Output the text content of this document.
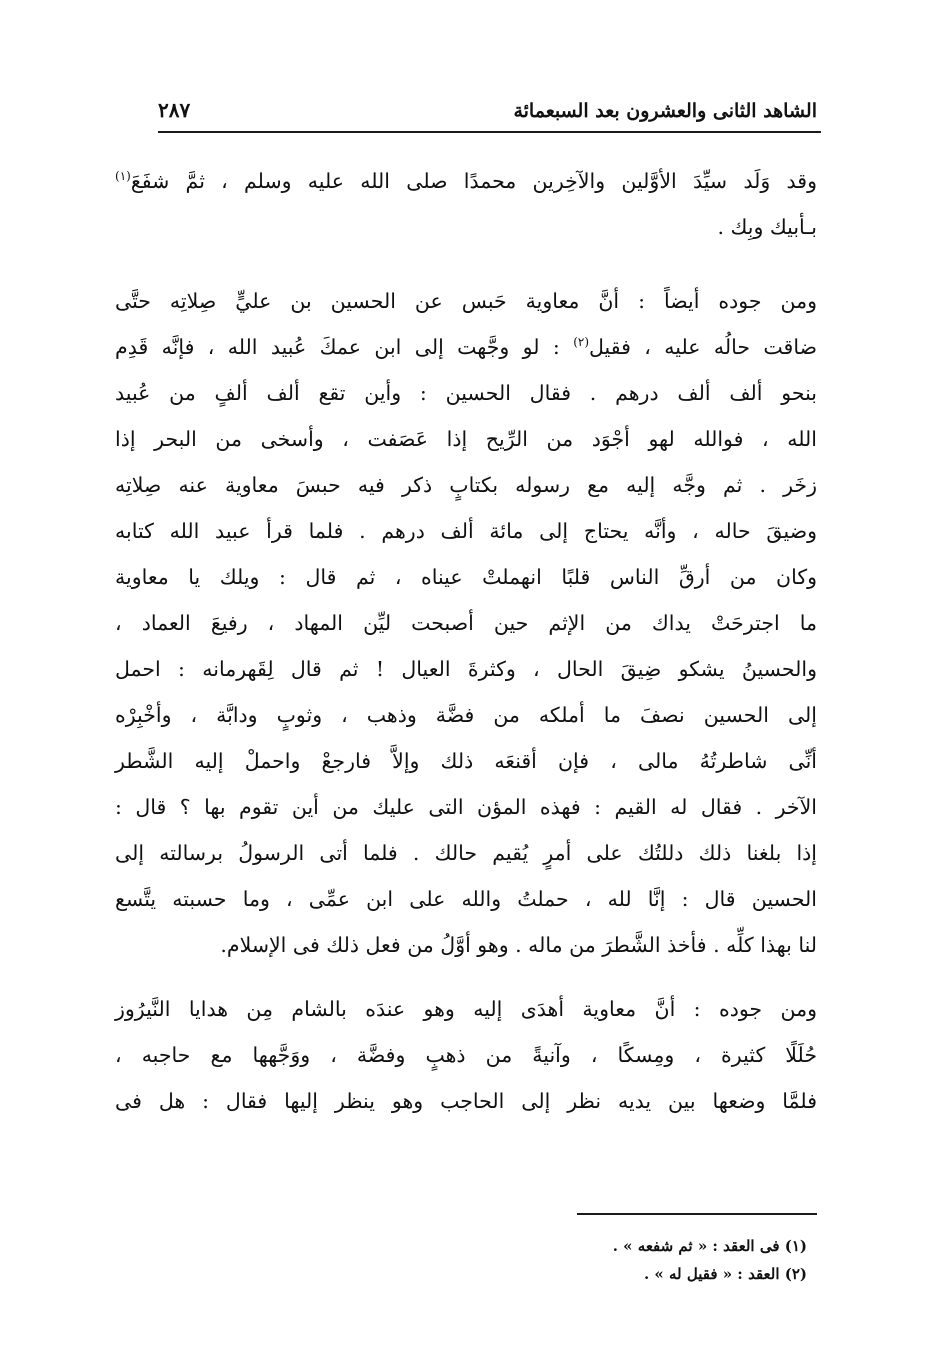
الشاهد الثانى والعشرون بعد السبعمائة
٢٨٧
وقد وَلَد سيِّدَ الأوَّلين والآخِرين محمدًا صلى الله عليه وسلم ، ثمَّ شفَعَ$^{(١)}$
بـأبيك وبِك .
ومن جوده أيضاً : أنَّ معاوية حَبس عن الحسين بن عليٍّ صِلاتِه حتَّى
ضاقت حالُه عليه ، فقيل$^{(٢)}$ : لو وجَّهت إلى ابن عمكَ عُبيد الله ، فإنَّه قَدِم
بنحو ألف ألف درهم . فقال الحسين : وأين تقع ألف ألفٍ من عُبيد
الله ، فوالله لهو أجْوَد من الرِّيح إذا عَصَفت ، وأسخى من البحر إذا
زخَر . ثم وجَّه إليه مع رسوله بكتابٍ ذكر فيه حبسَ معاوية عنه صِلاتِه
وضيقَ حاله ، وأنَّه يحتاج إلى مائة ألف درهم . فلما قرأ عبيد الله كتابه
وكان من أرقِّ الناس قلبًا انهملتْ عيناه ، ثم قال : ويلك يا معاوية
ما اجترحَتْ يداك من الإثم حين أصبحت ليِّن المهاد ، رفيعَ العماد ،
والحسينُ يشكو ضِيقَ الحال ، وكثرةَ العيال ! ثم قال لِقَهرمانه : احمل
إلى الحسين نصفَ ما أملكه من فضَّة وذهب ، وثوبٍ ودابَّة ، وأخْبِرْه
أنِّى شاطرتُهُ مالى ، فإن أقنعَه ذلك وإلاَّ فارجعْ واحملْ إليه الشَّطر
الآخر . فقال له القيم : فهذه المؤن التى عليك من أين تقوم بها ؟ قال :
إذا بلغنا ذلك دللتُك على أمرٍ يُقيم حالك . فلما أتى الرسولُ برسالته إلى
الحسين قال : إنَّا لله ، حملتُ والله على ابن عمِّى ، وما حسبته يتَّسع
لنا بهذا كلِّه . فأخذ الشَّطرَ من ماله . وهو أوَّلُ من فعل ذلك فى الإسلام.
ومن جوده : أنَّ معاوية أهدَى إليه وهو عندَه بالشام مِن هدايا النَّيرُوز
حُلَلًا كثيرة ، ومِسكًا ، وآنيةً من ذهبٍ وفضَّة ، ووَجَّهها مع حاجبه ،
فلمَّا وضعها بين يديه نظر إلى الحاجب وهو ينظر إليها فقال : هل فى
(١) فى العقد : « ثم شفعه » .
(٢) العقد : « فقيل له » .
